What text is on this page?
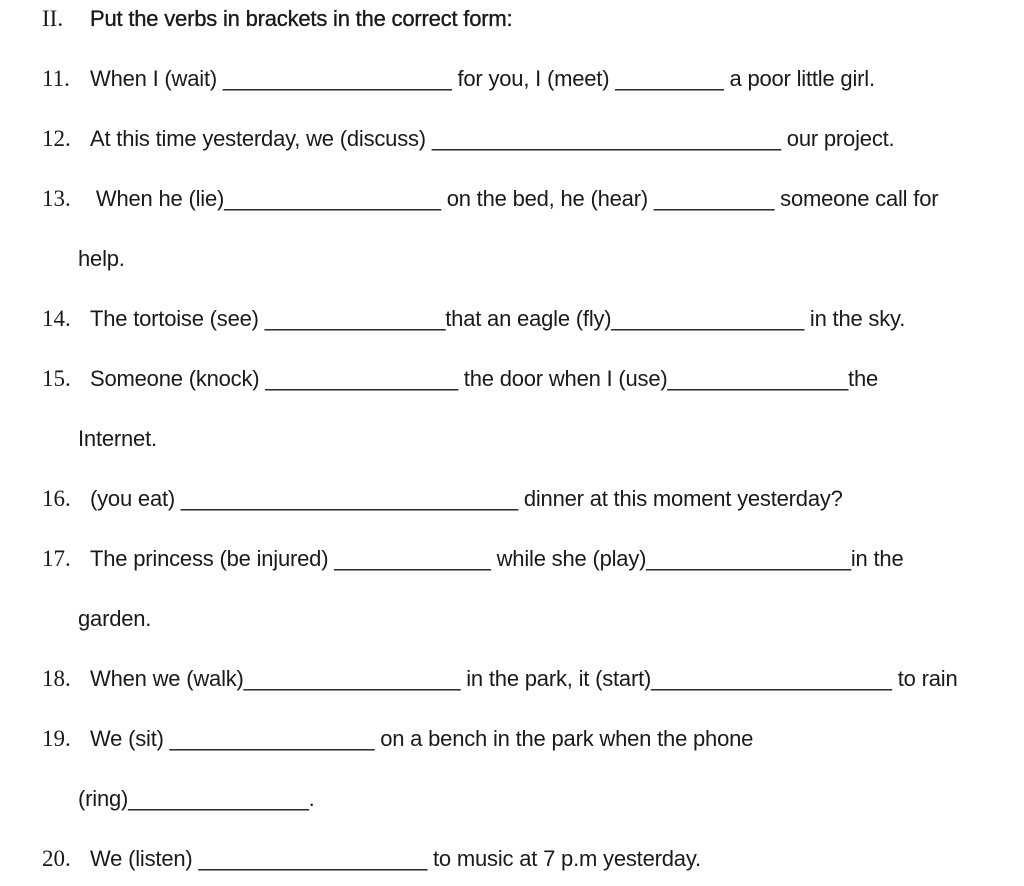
II. Put the verbs in brackets in the correct form:
11. When I (wait) ___________________ for you, I (meet) _________ a poor little girl.
12. At this time yesterday, we (discuss) _____________________________ our project.
13. When he (lie)__________________ on the bed, he (hear) __________ someone call for
help.
14. The tortoise (see) _______________that an eagle (fly)________________ in the sky.
15. Someone (knock) ________________ the door when I (use)_______________the
Internet.
16. (you eat) ____________________________ dinner at this moment yesterday?
17. The princess (be injured) _____________ while she (play)_________________in the
garden.
18. When we (walk)__________________ in the park, it (start)____________________ to rain
19. We (sit) _________________ on a bench in the park when the phone
(ring)_______________.
20. We (listen) ___________________ to music at 7 p.m yesterday.
